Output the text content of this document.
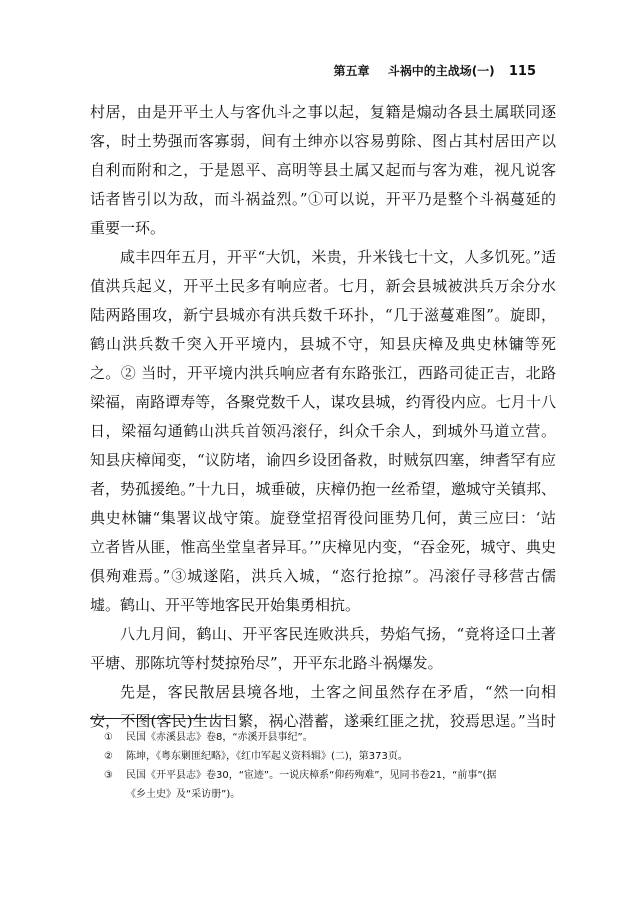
第五章 斗祸中的主战场(一) 115
村居，由是开平土人与客仇斗之事以起，复籍是煽动各县土属联同逐
客，时土势强而客寡弱，间有土绅亦以容易剪除、图占其村居田产以
自利而附和之，于是恩平、高明等县土属又起而与客为难，视凡说客
话者皆引以为敌，而斗祸益烈。”①可以说，开平乃是整个斗祸蔓延的
重要一环。
咸丰四年五月，开平“大饥，米贵，升米钱七十文，人多饥死。”适
值洪兵起义，开平土民多有响应者。七月，新会县城被洪兵万余分水
陆两路围攻，新宁县城亦有洪兵数千环扑，“几于滋蔓难图”。旋即，
鹤山洪兵数千突入开平境内，县城不守，知县庆樟及典史林镛等死
之。② 当时，开平境内洪兵响应者有东路张江，西路司徒正吉，北路
梁福，南路谭寿等，各聚党数千人，谋攻县城，约胥役内应。七月十八
日，梁福勾通鹤山洪兵首领冯滚仔，纠众千余人，到城外马道立营。
知县庆樟闻变，“议防堵，谕四乡设团备救，时贼氛四塞，绅耆罕有应
者，势孤援绝。”十九日，城垂破，庆樟仍抱一丝希望，邀城守关镇邦、
典史林镛“集署议战守策。旋登堂招胥役问匪势几何，黄三应曰：‘站
立者皆从匪，惟高坐堂皇者异耳。’”庆樟见内变，“吞金死，城守、典史
俱殉难焉。”③城遂陷，洪兵入城，“恣行抢掠”。冯滚仔寻移营古儒
墟。鹤山、开平等地客民开始集勇相抗。
八九月间，鹤山、开平客民连败洪兵，势焰气扬，“竟将迳口土著
平塘、那陈坑等村焚掠殆尽”，开平东北路斗祸爆发。
先是，客民散居县境各地，土客之间虽然存在矛盾，“然一向相
安，不图(客民)生齿日繁，祸心潜蓄，遂乘红匪之扰，狡焉思逞。”当时
① 民国《赤溪县志》卷8，“赤溪开县事纪”。
② 陈坤，《粤东剿匪纪略》，《红巾军起义资料辑》(二)，第373页。
③ 民国《开平县志》卷30，“宦迹”。一说庆樟系“仰药殉难”，见同书卷21，“前事”(据
《乡土史》及“采访册”)。
